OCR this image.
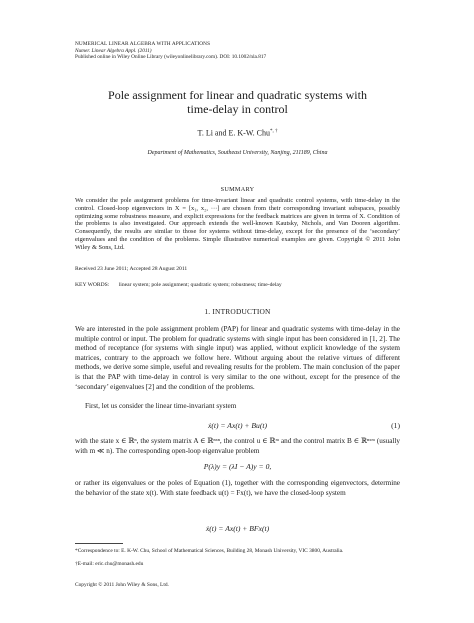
NUMERICAL LINEAR ALGEBRA WITH APPLICATIONS
Numer. Linear Algebra Appl. (2011)
Published online in Wiley Online Library (wileyonlinelibrary.com). DOI: 10.1002/nla.817
Pole assignment for linear and quadratic systems with
time-delay in control
T. Li and E. K-W. Chu*, †
Department of Mathematics, Southeast University, Nanjing, 211189, China
SUMMARY
We consider the pole assignment problems for time-invariant linear and quadratic control systems, with time-delay in the control. Closed-loop eigenvectors in X = [x₁, x₂, ···] are chosen from their corresponding invariant subspaces, possibly optimizing some robustness measure, and explicit expressions for the feedback matrices are given in terms of X. Condition of the problems is also investigated. Our approach extends the well-known Kautsky, Nichols, and Van Dooren algorithm. Consequently, the results are similar to those for systems without time-delay, except for the presence of the ‘secondary’ eigenvalues and the condition of the problems. Simple illustrative numerical examples are given. Copyright © 2011 John Wiley & Sons, Ltd.
Received 23 June 2011; Accepted 28 August 2011
KEY WORDS: linear system; pole assignment; quadratic system; robustness; time-delay
1. INTRODUCTION
We are interested in the pole assignment problem (PAP) for linear and quadratic systems with time-delay in the multiple control or input. The problem for quadratic systems with single input has been considered in [1, 2]. The method of receptance (for systems with single input) was applied, without explicit knowledge of the system matrices, contrary to the approach we follow here. Without arguing about the relative virtues of different methods, we derive some simple, useful and revealing results for the problem. The main conclusion of the paper is that the PAP with time-delay in control is very similar to the one without, except for the presence of the ‘secondary’ eigenvalues [2] and the condition of the problems.
First, let us consider the linear time-invariant system
ẋ(t) = Ax(t) + Bu(t)	(1)
with the state x ∈ ℝⁿ, the system matrix A ∈ ℝⁿˣⁿ, the control u ∈ ℝᵐ and the control matrix B ∈ ℝⁿˣᵐ (usually with m ≪ n). The corresponding open-loop eigenvalue problem
P(λ)y = (λI − A)y = 0,
or rather its eigenvalues or the poles of Equation (1), together with the corresponding eigenvectors, determine the behavior of the state x(t). With state feedback u(t) = Fx(t), we have the closed-loop system
ẋ(t) = Ax(t) + BFx(t)
*Correspondence to: E. K-W. Chu, School of Mathematical Sciences, Building 28, Monash University, VIC 3800, Australia.
†E-mail: eric.chu@monash.edu
Copyright © 2011 John Wiley & Sons, Ltd.
